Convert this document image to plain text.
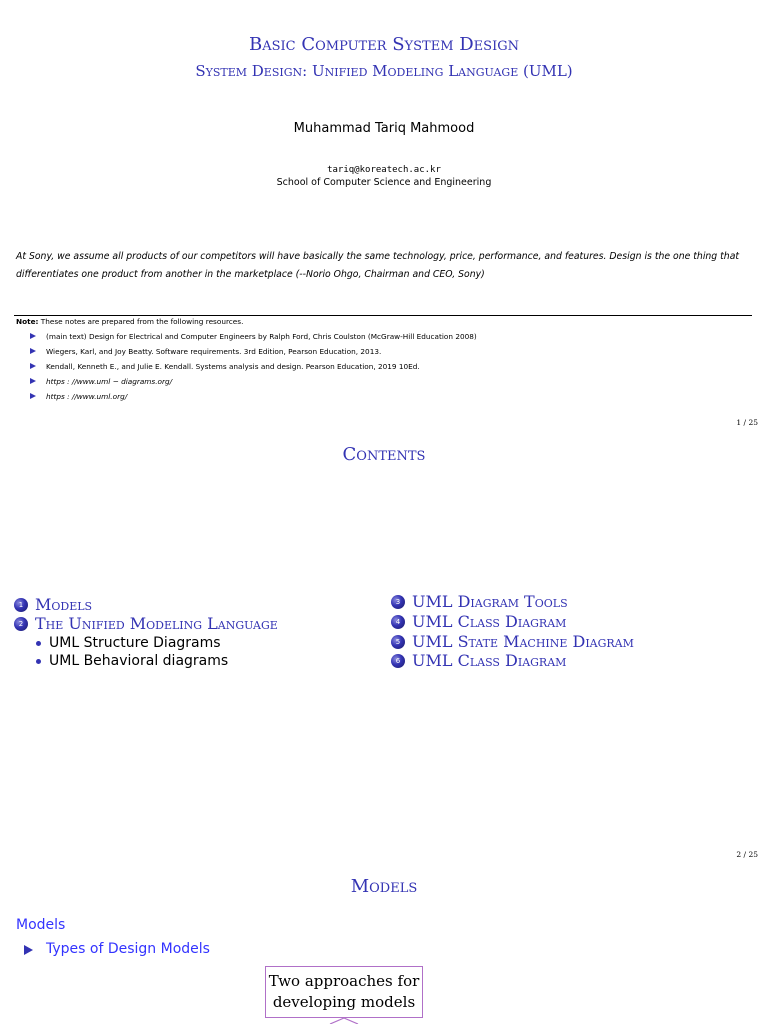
Basic Computer System Design
System Design: Unified Modeling Language (UML)
Muhammad Tariq Mahmood
tariq@koreatech.ac.kr
School of Computer Science and Engineering
At Sony, we assume all products of our competitors will have basically the same technology, price, performance, and features. Design is the one thing that
differentiates one product from another in the marketplace (--Norio Ohgo, Chairman and CEO, Sony)
Note: These notes are prepared from the following resources.
(main text) Design for Electrical and Computer Engineers by Ralph Ford, Chris Coulston (McGraw-Hill Education 2008)
Wiegers, Karl, and Joy Beatty. Software requirements. 3rd Edition, Pearson Education, 2013.
Kendall, Kenneth E., and Julie E. Kendall. Systems analysis and design. Pearson Education, 2019 10Ed.
https : //www.uml − diagrams.org/
https : //www.uml.org/
1 / 25
Contents
1 Models
2 The Unified Modeling Language
UML Structure Diagrams
UML Behavioral diagrams
3 UML Diagram Tools
4 UML Class Diagram
5 UML State Machine Diagram
6 UML Class Diagram
2 / 25
Models
Models
Types of Design Models
Two approaches for
developing models
